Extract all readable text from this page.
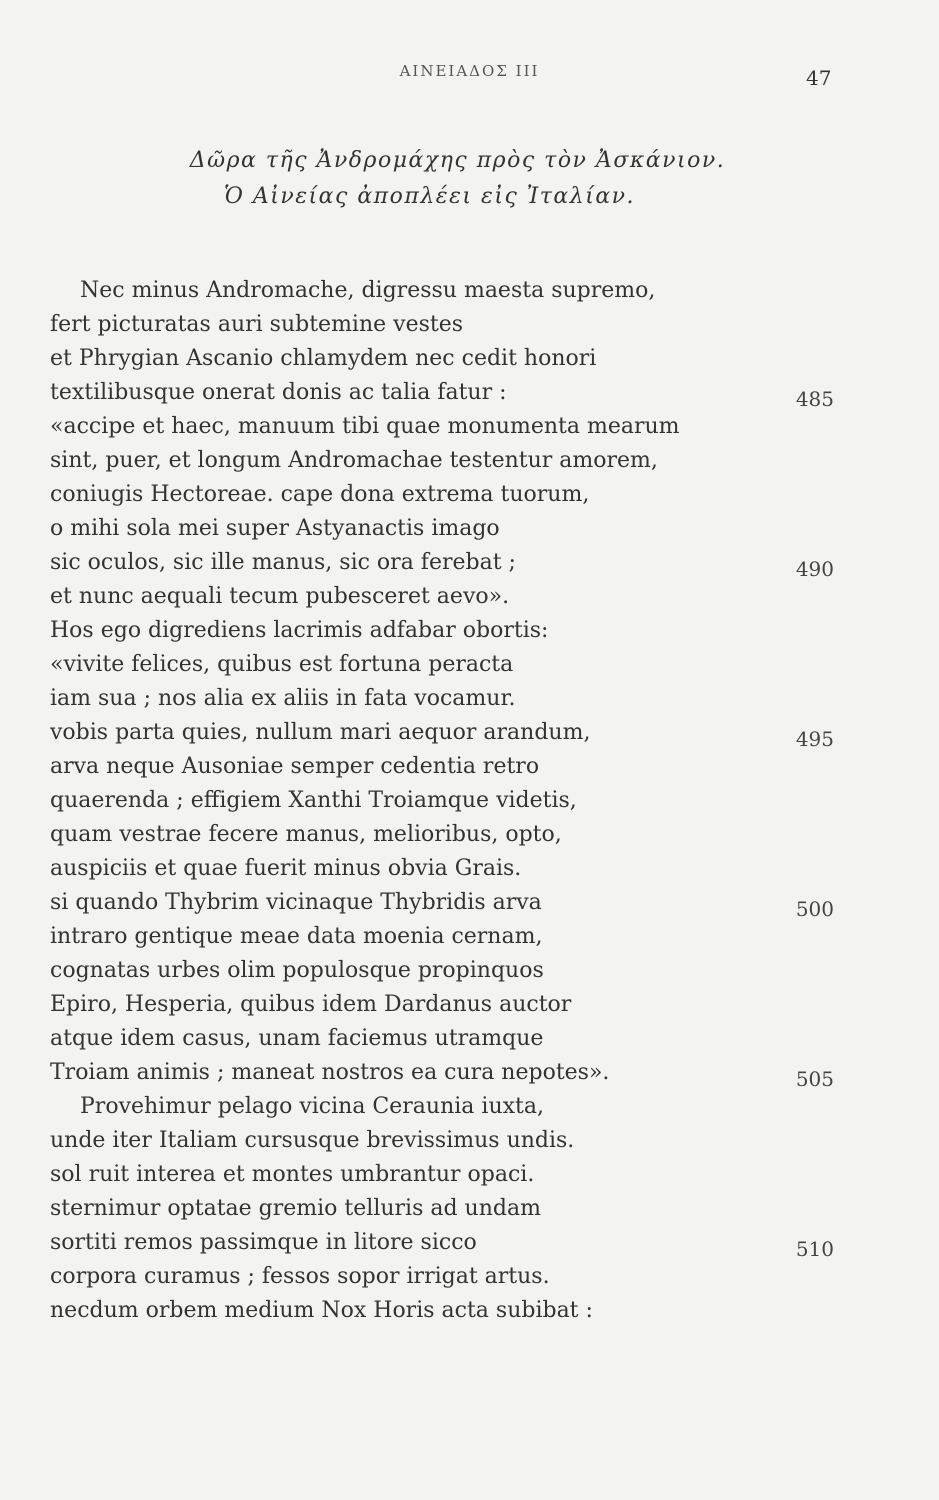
ΑΙΝΕΙΑΔΟΣ III	47
Δῶρα τῆς Ἀνδρομάχης πρὸς τὸν Ἀσκάνιον.
Ὁ Αἰνείας ἀποπλέει εἰς Ἰταλίαν.
Nec minus Andromache, digressu maesta supremo,
fert picturatas auri subtemine vestes
et Phrygian Ascanio chlamydem nec cedit honori
textilibusque onerat donis ac talia fatur :	485
«accipe et haec, manuum tibi quae monumenta mearum
sint, puer, et longum Andromachae testentur amorem,
coniugis Hectoreae. cape dona extrema tuorum,
o mihi sola mei super Astyanactis imago
sic oculos, sic ille manus, sic ora ferebat ;	490
et nunc aequali tecum pubesceret aevo».
Hos ego digrediens lacrimis adfabar obortis:
«vivite felices, quibus est fortuna peracta
iam sua ; nos alia ex aliis in fata vocamur.
vobis parta quies, nullum mari aequor arandum,	495
arva neque Ausoniae semper cedentia retro
quaerenda ; effigiem Xanthi Troiamque videtis,
quam vestrae fecere manus, melioribus, opto,
auspiciis et quae fuerit minus obvia Grais.
si quando Thybrim vicinaque Thybridis arva	500
intraro gentique meae data moenia cernam,
cognatas urbes olim populosque propinquos
Epiro, Hesperia, quibus idem Dardanus auctor
atque idem casus, unam faciemus utramque
Troiam animis ; maneat nostros ea cura nepotes».	505
Provehimur pelago vicina Ceraunia iuxta,
unde iter Italiam cursusque brevissimus undis.
sol ruit interea et montes umbrantur opaci.
sternimur optatae gremio telluris ad undam
sortiti remos passimque in litore sicco	510
corpora curamus ; fessos sopor irrigat artus.
necdum orbem medium Nox Horis acta subibat :
